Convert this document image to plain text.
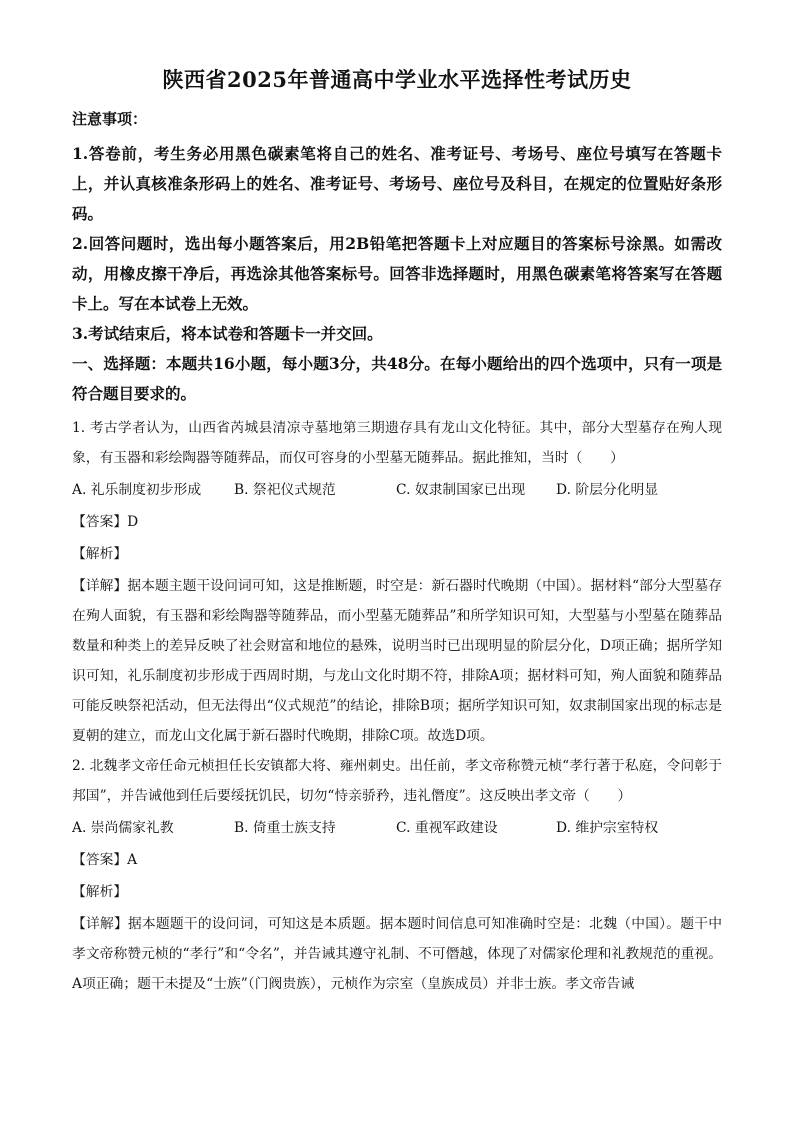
陕西省2025年普通高中学业水平选择性考试历史
注意事项：

1.答卷前，考生务必用黑色碳素笔将自己的姓名、准考证号、考场号、座位号填写在答题卡上，并认真核准条形码上的姓名、准考证号、考场号、座位号及科目，在规定的位置贴好条形码。

2.回答问题时，选出每小题答案后，用2B铅笔把答题卡上对应题目的答案标号涂黑。如需改动，用橡皮擦干净后，再选涂其他答案标号。回答非选择题时，用黑色碳素笔将答案写在答题卡上。写在本试卷上无效。

3.考试结束后，将本试卷和答题卡一并交回。

一、选择题：本题共16小题，每小题3分，共48分。在每小题给出的四个选项中，只有一项是符合题目要求的。

1. 考古学者认为，山西省芮城县清凉寺墓地第三期遗存具有龙山文化特征。其中，部分大型墓存在殉人现象，有玉器和彩绘陶器等随葬品，而仅可容身的小型墓无随葬品。据此推知，当时（　　）

A. 礼乐制度初步形成	B. 祭祀仪式规范	C. 奴隶制国家已出现	D. 阶层分化明显
【答案】D
【解析】

【详解】据本题主题干设问词可知，这是推断题，时空是：新石器时代晚期（中国）。据材料“部分大型墓存在殉人面貌，有玉器和彩绘陶器等随葬品，而小型墓无随葬品”和所学知识可知，大型墓与小型墓在随葬品数量和种类上的差异反映了社会财富和地位的悬殊，说明当时已出现明显的阶层分化，D项正确；据所学知识可知，礼乐制度初步形成于西周时期，与龙山文化时期不符，排除A项；据材料可知，殉人面貌和随葬品可能反映祭祀活动，但无法得出“仪式规范”的结论，排除B项；据所学知识可知，奴隶制国家出现的标志是夏朝的建立，而龙山文化属于新石器时代晚期，排除C项。故选D项。

2. 北魏孝文帝任命元桢担任长安镇都大将、雍州刺史。出任前，孝文帝称赞元桢“孝行著于私庭，令问彰于邦国”，并告诫他到任后要绥抚饥民，切勿“恃亲骄矜，违礼僭度”。这反映出孝文帝（　　）

A. 崇尚儒家礼教	B. 倚重士族支持	C. 重视军政建设	D. 维护宗室特权
【答案】A
【解析】

【详解】据本题题干的设问词，可知这是本质题。据本题时间信息可知准确时空是：北魏（中国）。题干中孝文帝称赞元桢的“孝行”和“令名”，并告诫其遵守礼制、不可僭越，体现了对儒家伦理和礼教规范的重视。A项正确；题干未提及“士族”（门阀贵族），元桢作为宗室（皇族成员）并非士族。孝文帝告诫
